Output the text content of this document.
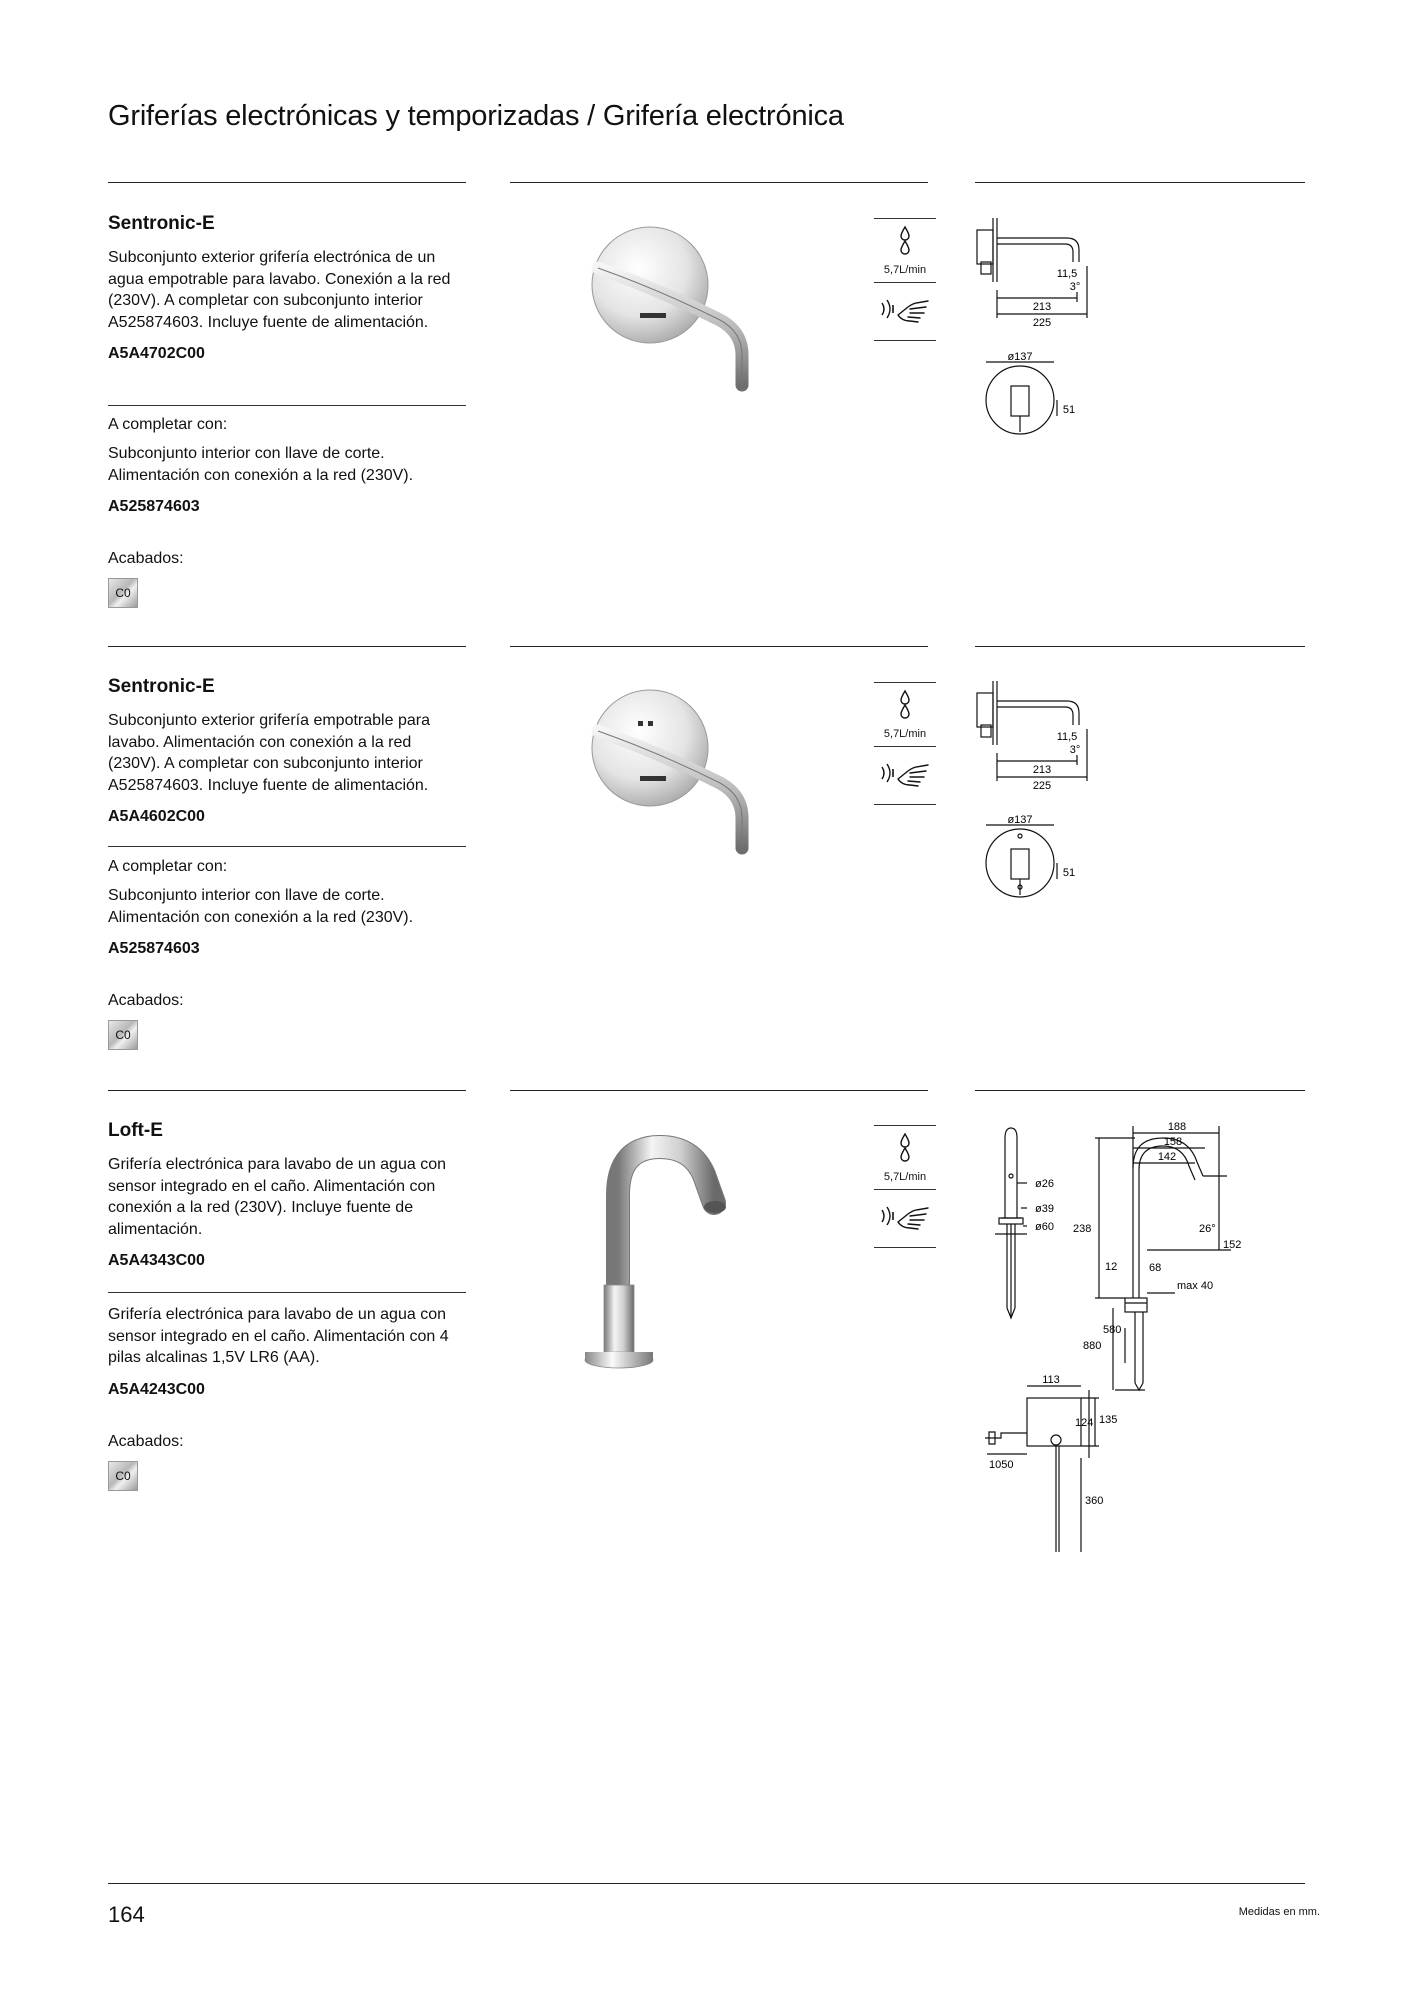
Griferías electrónicas y temporizadas / Grifería electrónica
Sentronic-E

Subconjunto exterior grifería electrónica de un agua empotrable para lavabo. Conexión a la red (230V). A completar con subconjunto interior A525874603. Incluye fuente de alimentación.

A5A4702C00

A completar con:

Subconjunto interior con llave de corte. Alimentación con conexión a la red (230V).

A525874603

Acabados:

C0
5,7L/min	11,5
3°
213
225
ø137
51
Sentronic-E

Subconjunto exterior grifería empotrable para lavabo. Alimentación con conexión a la red (230V). A completar con subconjunto interior A525874603. Incluye fuente de alimentación.

A5A4602C00

A completar con:

Subconjunto interior con llave de corte. Alimentación con conexión a la red (230V).

A525874603

Acabados:

C0
5,7L/min	11,5
3°
213
225
ø137
51
Loft-E

Grifería electrónica para lavabo de un agua con sensor integrado en el caño. Alimentación con conexión a la red (230V). Incluye fuente de alimentación.

A5A4343C00

Grifería electrónica para lavabo de un agua con sensor integrado en el caño. Alimentación con 4 pilas alcalinas 1,5V LR6 (AA).

A5A4243C00

Acabados:

C0
5,7L/min
ø26
ø39
ø60
188
158
142
238	26°
152
12	68
max 40
580
880
113
124 135
1050
360
164	Medidas en mm.
